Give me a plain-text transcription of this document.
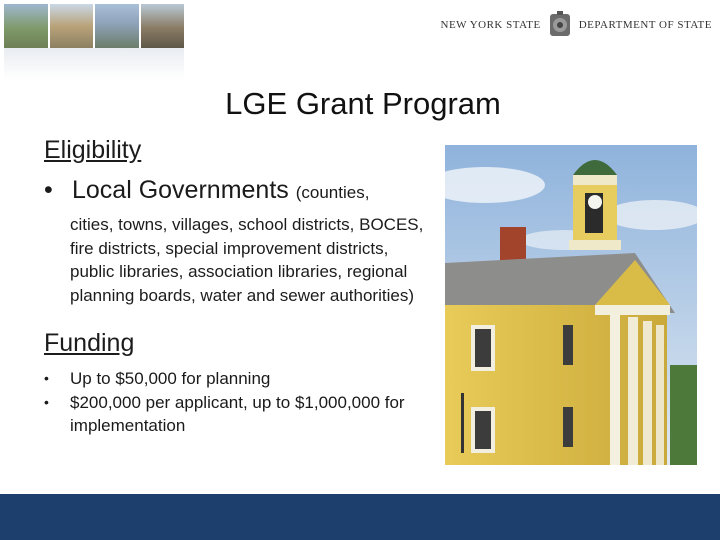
NEW YORK STATE	DEPARTMENT OF STATE
LGE Grant Program

Eligibility

• Local Governments (counties,
cities, towns, villages, school districts, BOCES, fire districts, special improvement districts, public libraries, association libraries, regional planning boards, water and sewer authorities)

Funding

•	Up to $50,000 for planning
•	$200,000 per applicant, up to $1,000,000 for implementation
